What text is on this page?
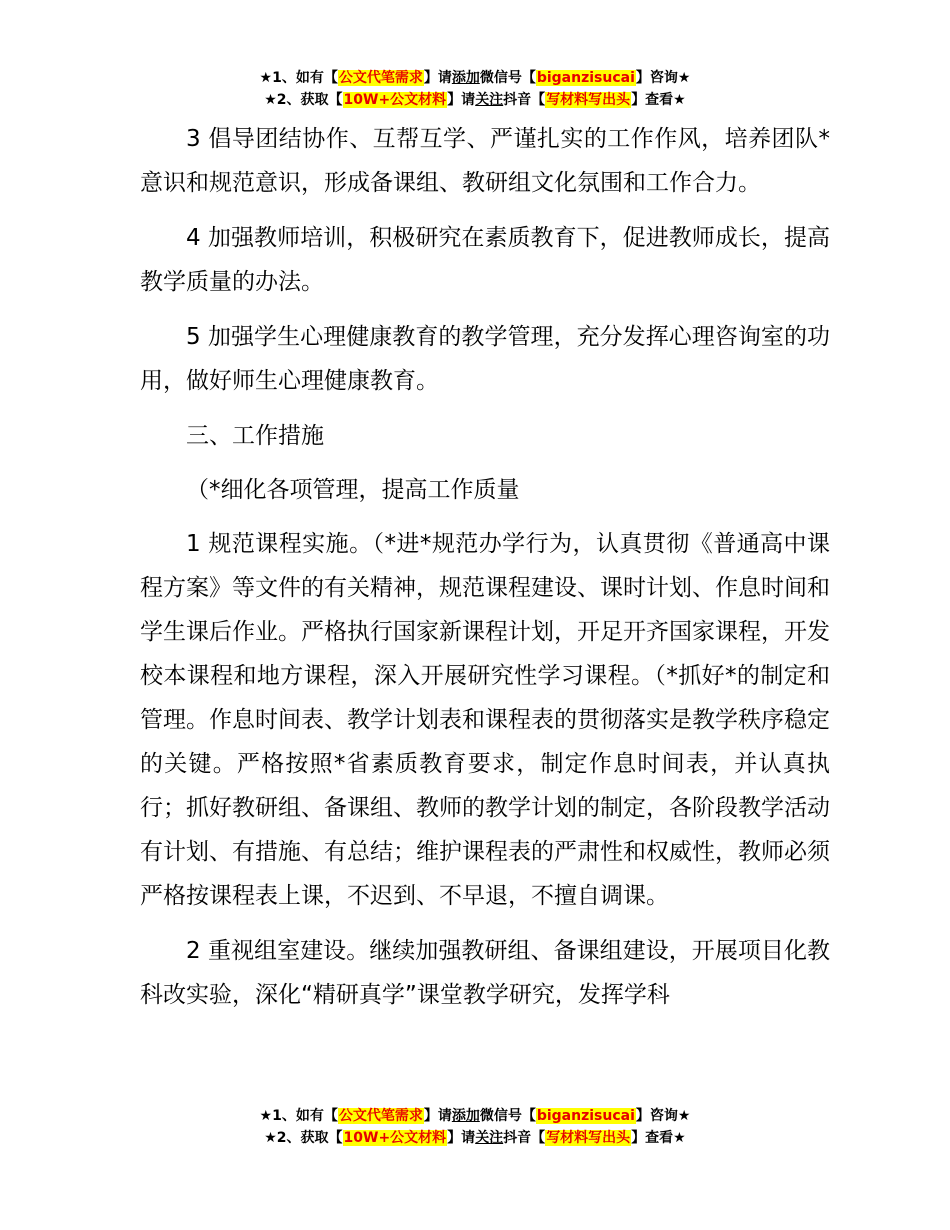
★1、如有【公文代笔需求】请添加微信号【biganzisucai】咨询★
★2、获取【10W+公文材料】请关注抖音【写材料写出头】查看★

3 倡导团结协作、互帮互学、严谨扎实的工作作风，培养团队*意识和规范意识，形成备课组、教研组文化氛围和工作合力。

4 加强教师培训，积极研究在素质教育下，促进教师成长，提高教学质量的办法。

5 加强学生心理健康教育的教学管理，充分发挥心理咨询室的功用，做好师生心理健康教育。

三、工作措施

（*细化各项管理，提高工作质量

1 规范课程实施。（*进*规范办学行为，认真贯彻《普通高中课程方案》等文件的有关精神，规范课程建设、课时计划、作息时间和学生课后作业。严格执行国家新课程计划，开足开齐国家课程，开发校本课程和地方课程，深入开展研究性学习课程。（*抓好*的制定和管理。作息时间表、教学计划表和课程表的贯彻落实是教学秩序稳定的关键。严格按照*省素质教育要求，制定作息时间表，并认真执行；抓好教研组、备课组、教师的教学计划的制定，各阶段教学活动有计划、有措施、有总结；维护课程表的严肃性和权威性，教师必须严格按课程表上课，不迟到、不早退，不擅自调课。

2 重视组室建设。继续加强教研组、备课组建设，开展项目化教科改实验，深化“精研真学”课堂教学研究，发挥学科

★1、如有【公文代笔需求】请添加微信号【biganzisucai】咨询★
★2、获取【10W+公文材料】请关注抖音【写材料写出头】查看★
